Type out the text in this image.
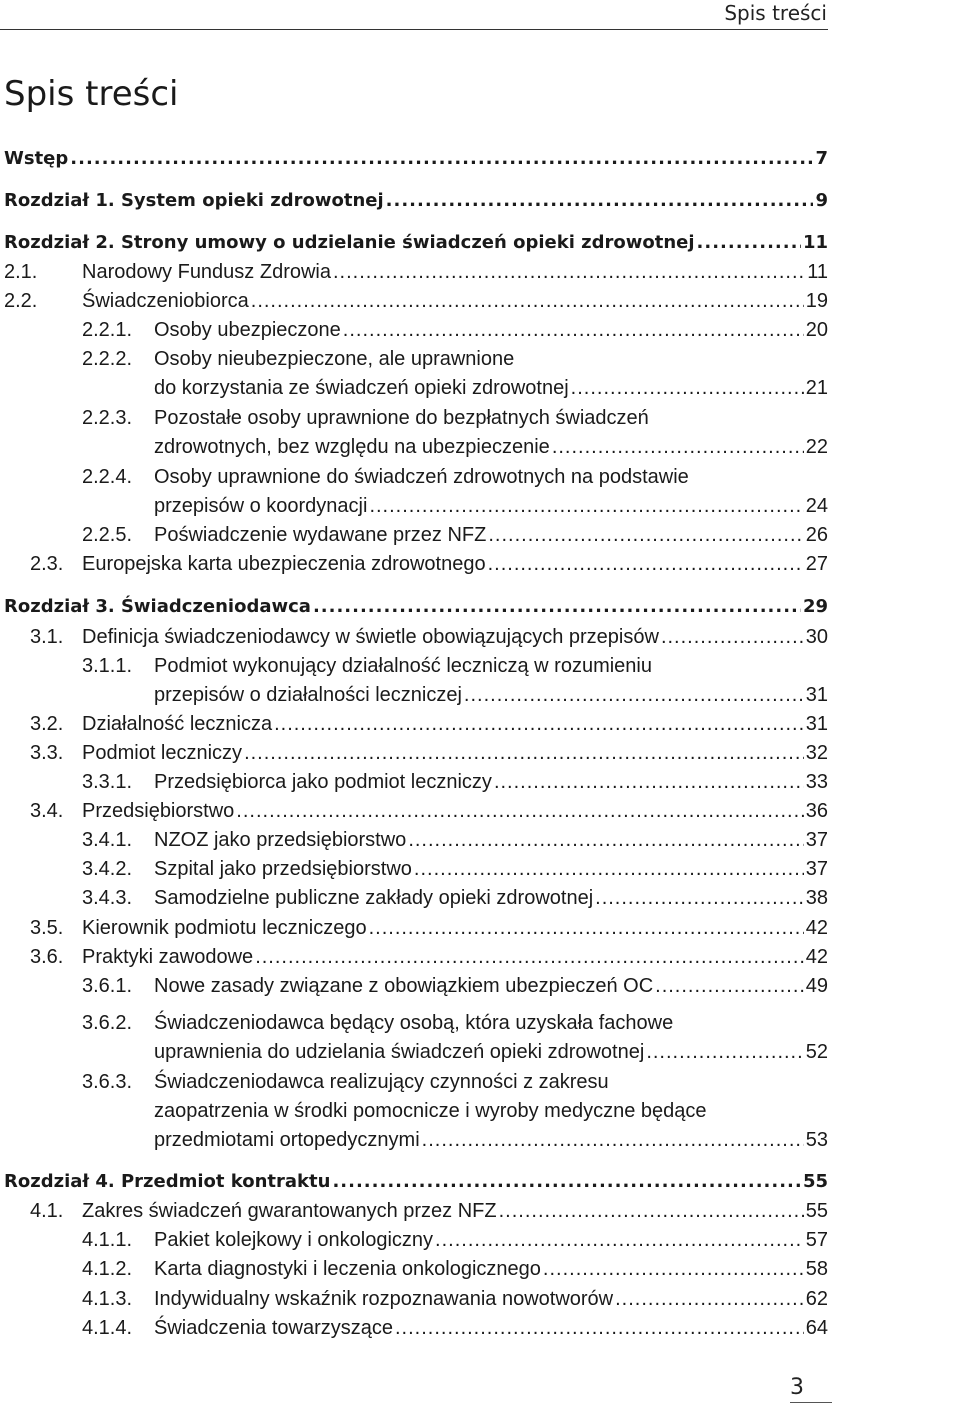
Spis treści
Spis treści
Wstęp .....	7
Rozdział 1. System opieki zdrowotnej .....	9
Rozdział 2. Strony umowy o udzielanie świadczeń opieki zdrowotnej .....	11
2.1. Narodowy Fundusz Zdrowia .....	11
2.2. Świadczeniobiorca .....	19
2.2.1. Osoby ubezpieczone .....	20
2.2.2. Osoby nieubezpieczone, ale uprawnione
do korzystania ze świadczeń opieki zdrowotnej .....	21
2.2.3. Pozostałe osoby uprawnione do bezpłatnych świadczeń
zdrowotnych, bez względu na ubezpieczenie .....	22
2.2.4. Osoby uprawnione do świadczeń zdrowotnych na podstawie
przepisów o koordynacji .....	24
2.2.5. Poświadczenie wydawane przez NFZ .....	26
2.3. Europejska karta ubezpieczenia zdrowotnego .....	27
Rozdział 3. Świadczeniodawca .....	29
3.1. Definicja świadczeniodawcy w świetle obowiązujących przepisów .....	30
3.1.1. Podmiot wykonujący działalność leczniczą w rozumieniu
przepisów o działalności leczniczej .....	31
3.2. Działalność lecznicza .....	31
3.3. Podmiot leczniczy .....	32
3.3.1. Przedsiębiorca jako podmiot leczniczy .....	33
3.4. Przedsiębiorstwo .....	36
3.4.1. NZOZ jako przedsiębiorstwo .....	37
3.4.2. Szpital jako przedsiębiorstwo .....	37
3.4.3. Samodzielne publiczne zakłady opieki zdrowotnej .....	38
3.5. Kierownik podmiotu leczniczego .....	42
3.6. Praktyki zawodowe .....	42
3.6.1. Nowe zasady związane z obowiązkiem ubezpieczeń OC .....	49
3.6.2. Świadczeniodawca będący osobą, która uzyskała fachowe
uprawnienia do udzielania świadczeń opieki zdrowotnej .....	52
3.6.3. Świadczeniodawca realizujący czynności z zakresu
zaopatrzenia w środki pomocnicze i wyroby medyczne będące
przedmiotami ortopedycznymi .....	53
Rozdział 4. Przedmiot kontraktu .....	55
4.1. Zakres świadczeń gwarantowanych przez NFZ .....	55
4.1.1. Pakiet kolejkowy i onkologiczny .....	57
4.1.2. Karta diagnostyki i leczenia onkologicznego .....	58
4.1.3. Indywidualny wskaźnik rozpoznawania nowotworów .....	62
4.1.4. Świadczenia towarzyszące .....	64
3
